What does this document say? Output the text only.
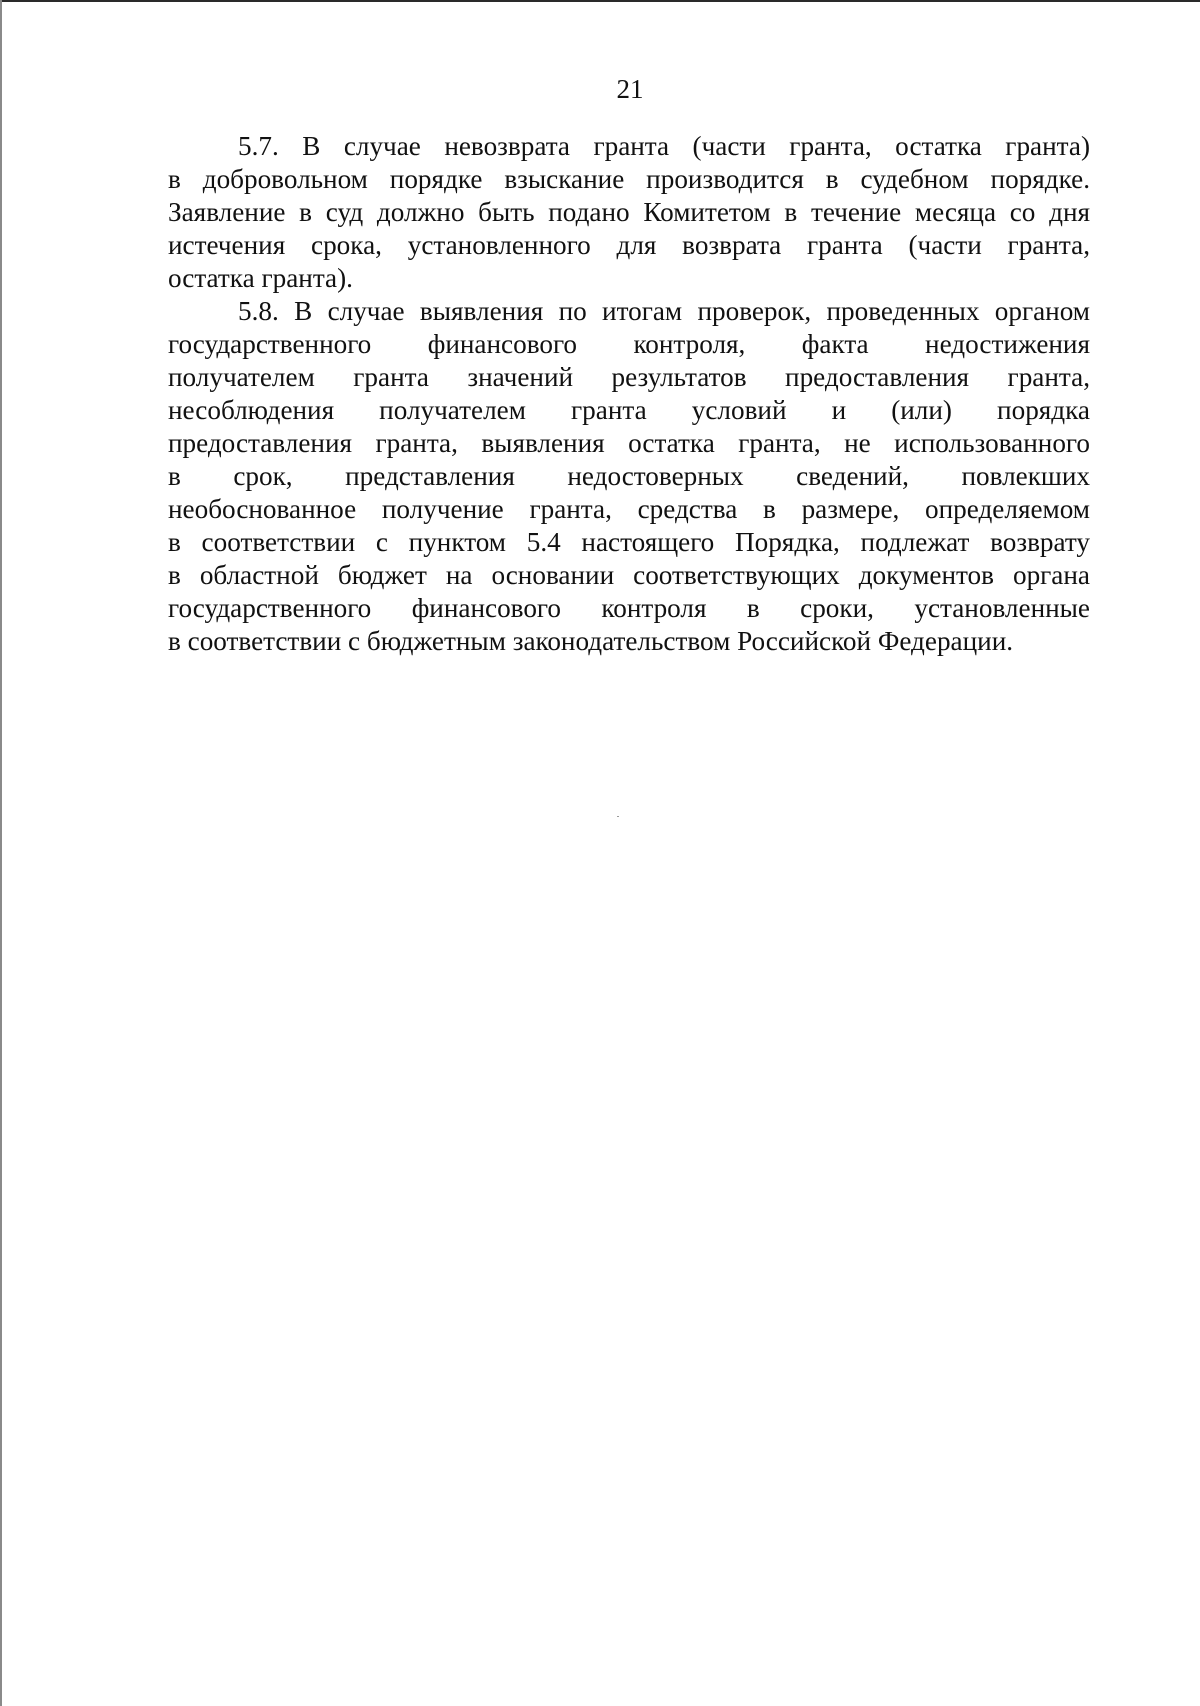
21
5.7. В случае невозврата гранта (части гранта, остатка гранта)
в добровольном порядке взыскание производится в судебном порядке.
Заявление в суд должно быть подано Комитетом в течение месяца со дня
истечения срока, установленного для возврата гранта (части гранта,
остатка гранта).
5.8. В случае выявления по итогам проверок, проведенных органом
государственного финансового контроля, факта недостижения
получателем гранта значений результатов предоставления гранта,
несоблюдения получателем гранта условий и (или) порядка
предоставления гранта, выявления остатка гранта, не использованного
в срок, представления недостоверных сведений, повлекших
необоснованное получение гранта, средства в размере, определяемом
в соответствии с пунктом 5.4 настоящего Порядка, подлежат возврату
в областной бюджет на основании соответствующих документов органа
государственного финансового контроля в сроки, установленные
в соответствии с бюджетным законодательством Российской Федерации.
